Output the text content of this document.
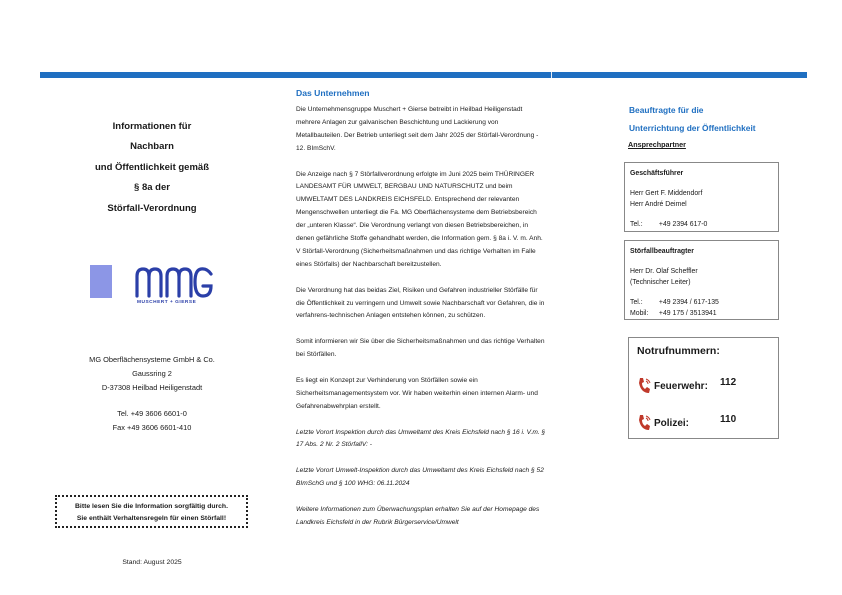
Informationen für
Nachbarn
und Öffentlichkeit gemäß
§ 8a der
Störfall-Verordnung
MUSCHERT + GIERSE
MG Oberflächensysteme GmbH & Co.
Gaussring 2
D-37308 Heilbad Heiligenstadt
Tel. +49 3606 6601-0
Fax +49 3606 6601-410
Bitte lesen Sie die Information sorgfältig durch.
Sie enthält Verhaltensregeln für einen Störfall!
Stand: August 2025
Das Unternehmen

Die Unternehmensgruppe Muschert + Gierse betreibt in Heilbad Heiligenstadt mehrere Anlagen zur galvanischen Beschichtung und Lackierung von Metallbauteilen. Der Betrieb unterliegt seit dem Jahr 2025 der Störfall-Verordnung - 12. BImSchV.

Die Anzeige nach § 7 Störfallverordnung erfolgte im Juni 2025 beim THÜRINGER LANDESAMT FÜR UMWELT, BERGBAU UND NATURSCHUTZ und beim UMWELTAMT DES LANDKREIS EICHSFELD. Entsprechend der relevanten Mengenschwellen unterliegt die Fa. MG Oberflächensysteme dem Betriebsbereich der „unteren Klasse“. Die Verordnung verlangt von diesen Betriebsbereichen, in denen gefährliche Stoffe gehandhabt werden, die Information gem. § 8a i. V. m. Anh. V Störfall-Verordnung (Sicherheitsmaßnahmen und das richtige Verhalten im Falle eines Störfalls) der Nachbarschaft bereitzustellen.

Die Verordnung hat das beidas Ziel, Risiken und Gefahren industrieller Störfälle für die Öffentlichkeit zu verringern und Umwelt sowie Nachbarschaft vor Gefahren, die in verfahrens-technischen Anlagen entstehen können, zu schützen.

Somit informieren wir Sie über die Sicherheitsmaßnahmen und das richtige Verhalten bei Störfällen.

Es liegt ein Konzept zur Verhinderung von Störfällen sowie ein Sicherheitsmanagementsystem vor. Wir haben weiterhin einen internen Alarm- und Gefahrenabwehrplan erstellt.

Letzte Vorort Inspektion durch das Umweltamt des Kreis Eichsfeld nach § 16 i. V.m. § 17 Abs. 2 Nr. 2 StörfallV: -

Letzte Vorort Umwelt-Inspektion durch das Umweltamt des Kreis Eichsfeld nach § 52 BImSchG und § 100 WHG: 06.11.2024

Weitere Informationen zum Überwachungsplan erhalten Sie auf der Homepage des Landkreis Eichsfeld in der Rubrik Bürgerservice/Umwelt

Beauftragte für die
Unterrichtung der Öffentlichkeit
Ansprechpartner
Geschäftsführer
Herr Gert F. Middendorf
Herr André Deimel
Tel.: +49 2394 617-0
Störfallbeauftragter
Herr Dr. Olaf Scheffler
(Technischer Leiter)
Tel.: +49 2394 / 617-135
Mobil: +49 175 / 3513941
Notrufnummern:
Feuerwehr: 112
Polizei:	110
